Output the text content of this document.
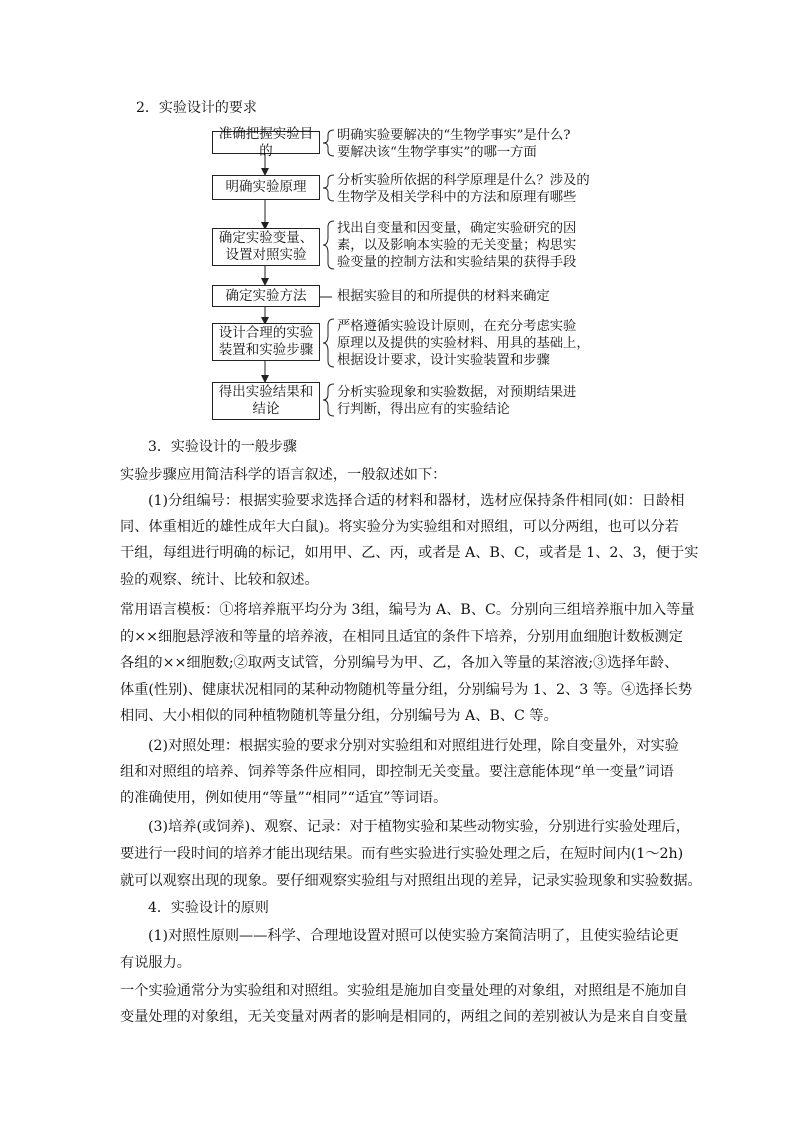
2．实验设计的要求
准确把握实验目的
明确实验原理
确定实验变量、
设置对照实验
确定实验方法
设计合理的实验
装置和实验步骤
得出实验结果和
结论
明确实验要解决的“生物学事实”是什么?
要解决该“生物学事实”的哪一方面
分析实验所依据的科学原理是什么？涉及的
生物学及相关学科中的方法和原理有哪些
找出自变量和因变量，确定实验研究的因
素，以及影响本实验的无关变量；构思实
验变量的控制方法和实验结果的获得手段
根据实验目的和所提供的材料来确定
严格遵循实验设计原则，在充分考虑实验
原理以及提供的实验材料、用具的基础上，
根据设计要求，设计实验装置和步骤
分析实验现象和实验数据，对预期结果进
行判断，得出应有的实验结论
3．实验设计的一般步骤
实验步骤应用简洁科学的语言叙述，一般叙述如下：
(1)分组编号：根据实验要求选择合适的材料和器材，选材应保持条件相同(如：日龄相
同、体重相近的雄性成年大白鼠)。将实验分为实验组和对照组，可以分两组，也可以分若
干组，每组进行明确的标记，如用甲、乙、丙，或者是 A、B、C，或者是 1、2、3，便于实
验的观察、统计、比较和叙述。
常用语言模板：①将培养瓶平均分为 3组，编号为 A、B、C。分别向三组培养瓶中加入等量
的××细胞悬浮液和等量的培养液，在相同且适宜的条件下培养，分别用血细胞计数板测定
各组的××细胞数;②取两支试管，分别编号为甲、乙，各加入等量的某溶液;③选择年龄、
体重(性别)、健康状况相同的某种动物随机等量分组，分别编号为 1、2、3 等。④选择长势
相同、大小相似的同种植物随机等量分组，分别编号为 A、B、C 等。
(2)对照处理：根据实验的要求分别对实验组和对照组进行处理，除自变量外，对实验
组和对照组的培养、饲养等条件应相同，即控制无关变量。要注意能体现“单一变量”词语
的准确使用，例如使用“等量”“相同”“适宜”等词语。
(3)培养(或饲养)、观察、记录：对于植物实验和某些动物实验，分别进行实验处理后，
要进行一段时间的培养才能出现结果。而有些实验进行实验处理之后，在短时间内(1～2h)
就可以观察出现的现象。要仔细观察实验组与对照组出现的差异，记录实验现象和实验数据。
4．实验设计的原则
(1)对照性原则——科学、合理地设置对照可以使实验方案简洁明了，且使实验结论更
有说服力。
一个实验通常分为实验组和对照组。实验组是施加自变量处理的对象组，对照组是不施加自
变量处理的对象组，无关变量对两者的影响是相同的，两组之间的差别被认为是来自自变量
